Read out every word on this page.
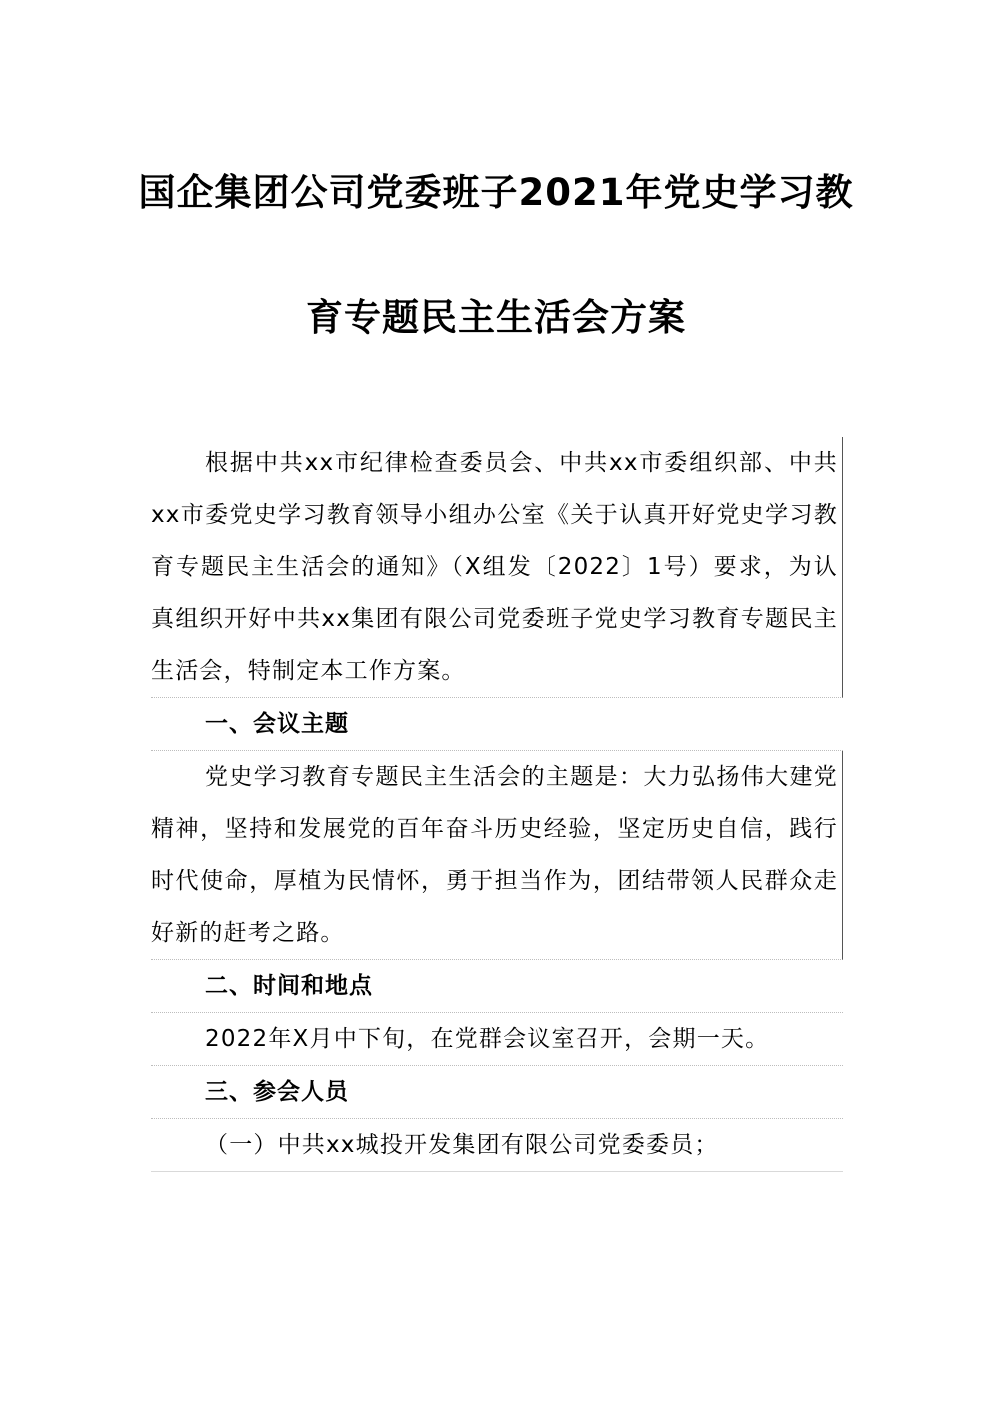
国企集团公司党委班子2021年党史学习教
育专题民主生活会方案

根据中共xx市纪律检查委员会、中共xx市委组织部、中共xx市委党史学习教育领导小组办公室《关于认真开好党史学习教育专题民主生活会的通知》（X组发〔2022〕1号）要求，为认真组织开好中共xx集团有限公司党委班子党史学习教育专题民主生活会，特制定本工作方案。

一、会议主题

党史学习教育专题民主生活会的主题是：大力弘扬伟大建党精神，坚持和发展党的百年奋斗历史经验，坚定历史自信，践行时代使命，厚植为民情怀，勇于担当作为，团结带领人民群众走好新的赶考之路。

二、时间和地点

2022年X月中下旬，在党群会议室召开，会期一天。

三、参会人员

（一）中共xx城投开发集团有限公司党委委员；
